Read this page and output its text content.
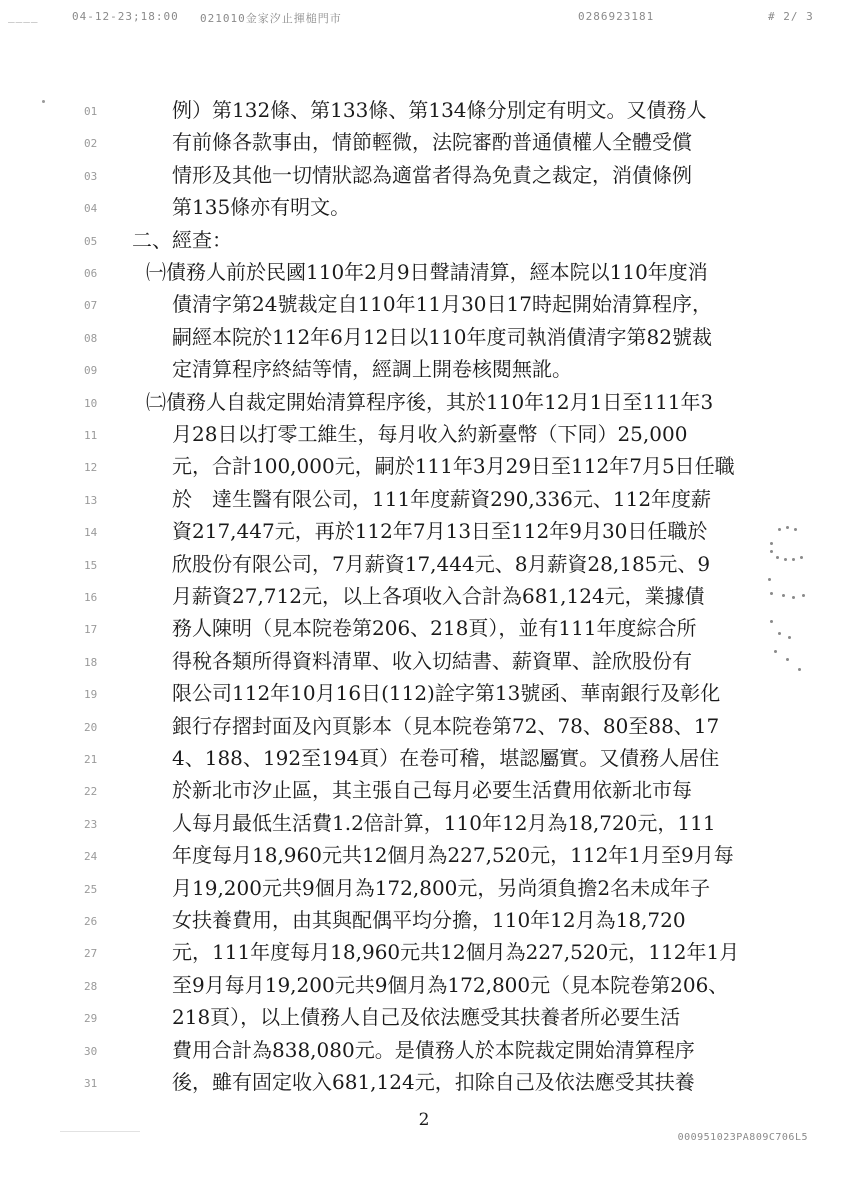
____	04-12-23;18:00 021010金家汐止揮槌門市	0286923181	# 2/ 3
01	例）第132條、第133條、第134條分別定有明文。又債務人
02	有前條各款事由，情節輕微，法院審酌普通債權人全體受償
03	情形及其他一切情狀認為適當者得為免責之裁定，消債條例
04	第135條亦有明文。
05	二、經查：
06	㈠債務人前於民國110年2月9日聲請清算，經本院以110年度消
07	債清字第24號裁定自110年11月30日17時起開始清算程序，
08	嗣經本院於112年6月12日以110年度司執消債清字第82號裁
09	定清算程序終結等情，經調上開卷核閱無訛。
10	㈡債務人自裁定開始清算程序後，其於110年12月1日至111年3
11	月28日以打零工維生，每月收入約新臺幣（下同）25,000
12	元，合計100,000元，嗣於111年3月29日至112年7月5日任職
13	於　達生醫有限公司，111年度薪資290,336元、112年度薪
14	資217,447元，再於112年7月13日至112年9月30日任職於
15	欣股份有限公司，7月薪資17,444元、8月薪資28,185元、9
16	月薪資27,712元，以上各項收入合計為681,124元，業據債
17	務人陳明（見本院卷第206、218頁），並有111年度綜合所
18	得稅各類所得資料清單、收入切結書、薪資單、詮欣股份有
19	限公司112年10月16日(112)詮字第13號函、華南銀行及彰化
20	銀行存摺封面及內頁影本（見本院卷第72、78、80至88、17
21	4、188、192至194頁）在卷可稽，堪認屬實。又債務人居住
22	於新北市汐止區，其主張自己每月必要生活費用依新北市每
23	人每月最低生活費1.2倍計算，110年12月為18,720元，111
24	年度每月18,960元共12個月為227,520元，112年1月至9月每
25	月19,200元共9個月為172,800元，另尚須負擔2名未成年子
26	女扶養費用，由其與配偶平均分擔，110年12月為18,720
27	元，111年度每月18,960元共12個月為227,520元，112年1月
28	至9月每月19,200元共9個月為172,800元（見本院卷第206、
29	218頁），以上債務人自己及依法應受其扶養者所必要生活
30	費用合計為838,080元。是債務人於本院裁定開始清算程序
31	後，雖有固定收入681,124元，扣除自己及依法應受其扶養
2
000951023PA809C706L5
